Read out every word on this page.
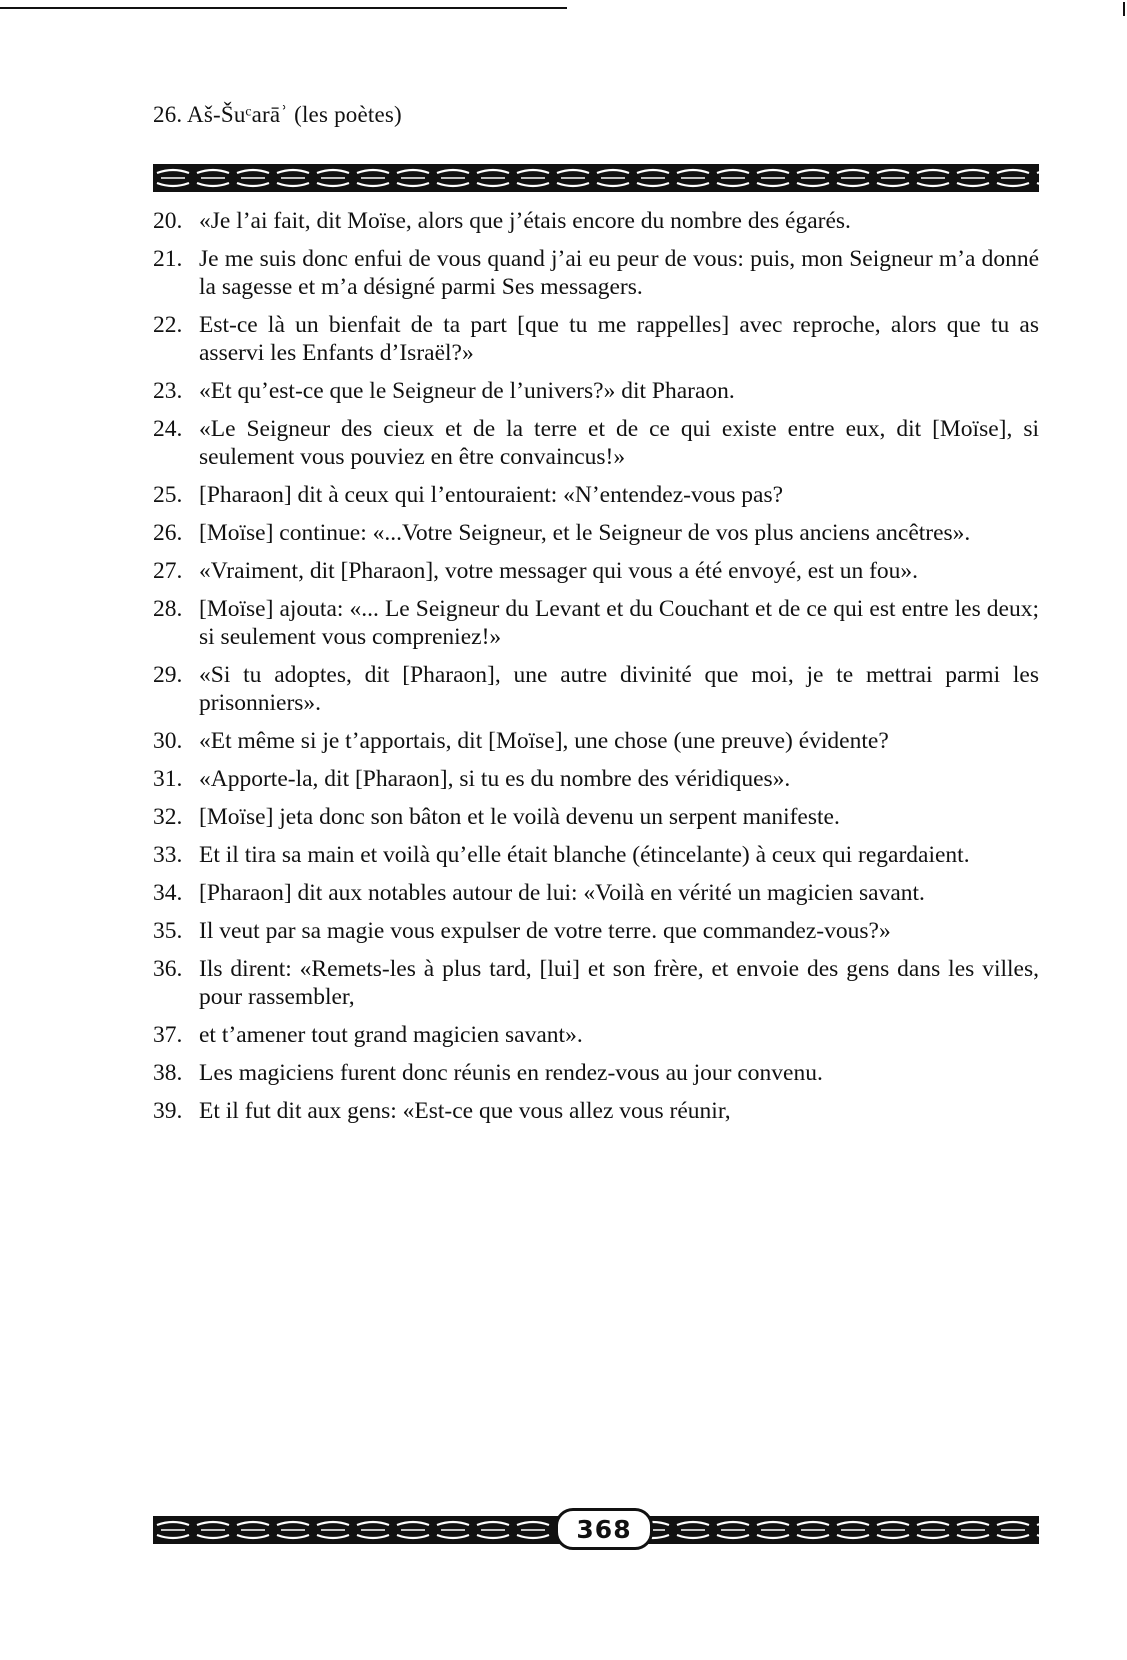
26. Aš-Šuᶜarāʾ (les poètes)
20. «Je l’ai fait, dit Moïse, alors que j’étais encore du nombre des égarés.
21. Je me suis donc enfui de vous quand j’ai eu peur de vous: puis, mon Seigneur m’a donné la sagesse et m’a désigné parmi Ses messagers.
22. Est-ce là un bienfait de ta part [que tu me rappelles] avec reproche, alors que tu as asservi les Enfants d’Israël?»
23. «Et qu’est-ce que le Seigneur de l’univers?» dit Pharaon.
24. «Le Seigneur des cieux et de la terre et de ce qui existe entre eux, dit [Moïse], si seulement vous pouviez en être convaincus!»
25. [Pharaon] dit à ceux qui l’entouraient: «N’entendez-vous pas?
26. [Moïse] continue: «...Votre Seigneur, et le Seigneur de vos plus anciens ancêtres».
27. «Vraiment, dit [Pharaon], votre messager qui vous a été envoyé, est un fou».
28. [Moïse] ajouta: «... Le Seigneur du Levant et du Couchant et de ce qui est entre les deux; si seulement vous compreniez!»
29. «Si tu adoptes, dit [Pharaon], une autre divinité que moi, je te mettrai parmi les prisonniers».
30. «Et même si je t’apportais, dit [Moïse], une chose (une preuve) évidente?
31. «Apporte-la, dit [Pharaon], si tu es du nombre des véridiques».
32. [Moïse] jeta donc son bâton et le voilà devenu un serpent manifeste.
33. Et il tira sa main et voilà qu’elle était blanche (étincelante) à ceux qui regardaient.
34. [Pharaon] dit aux notables autour de lui: «Voilà en vérité un magicien savant.
35. Il veut par sa magie vous expulser de votre terre. que commandez-vous?»
36. Ils dirent: «Remets-les à plus tard, [lui] et son frère, et envoie des gens dans les villes, pour rassembler,
37. et t’amener tout grand magicien savant».
38. Les magiciens furent donc réunis en rendez-vous au jour convenu.
39. Et il fut dit aux gens: «Est-ce que vous allez vous réunir,
368
